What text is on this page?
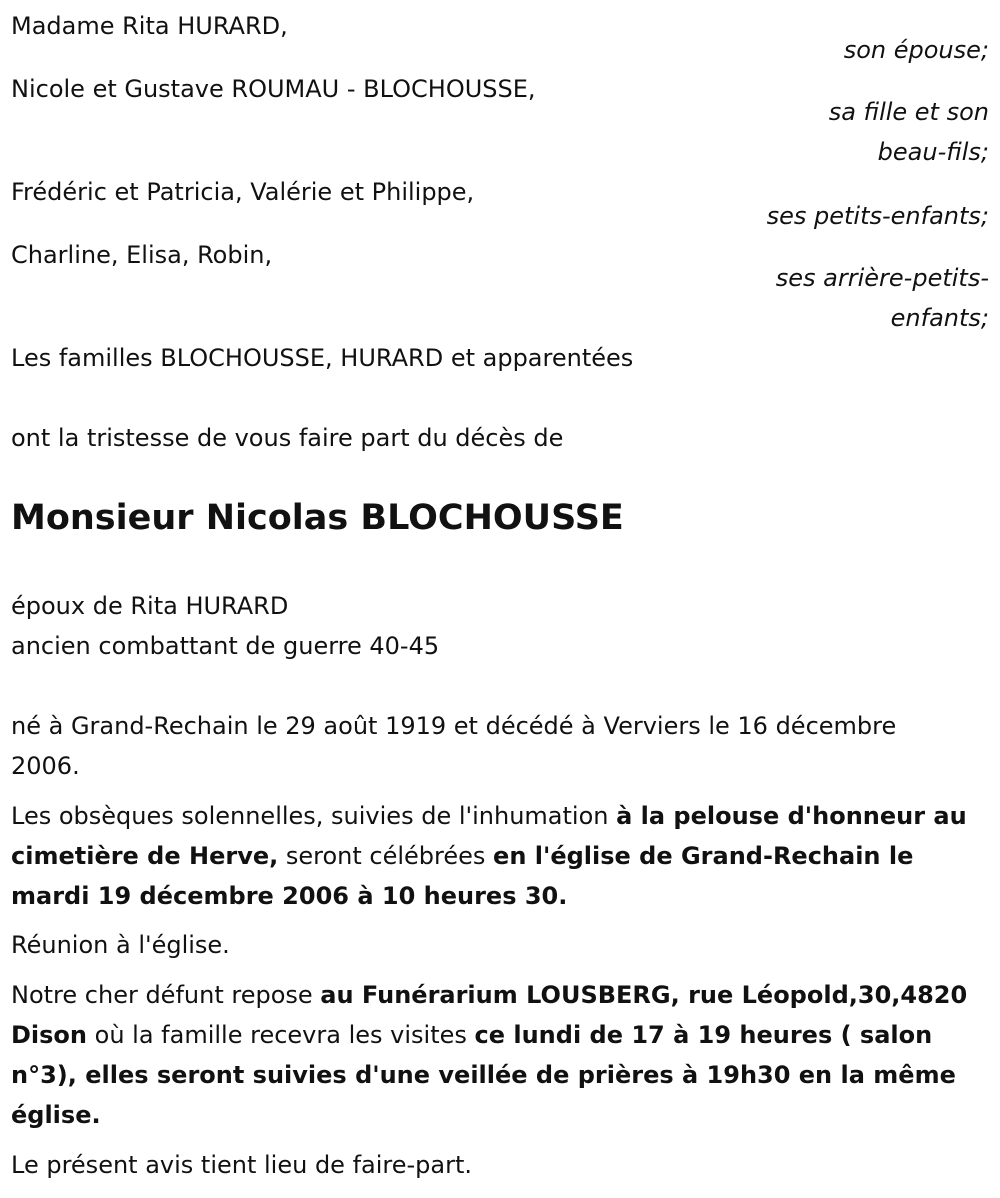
Madame Rita HURARD,
son épouse;
Nicole et Gustave ROUMAU - BLOCHOUSSE,
sa fille et son
beau-fils;
Frédéric et Patricia, Valérie et Philippe,
ses petits-enfants;
Charline, Elisa, Robin,
ses arrière-petits-
enfants;
Les familles BLOCHOUSSE, HURARD et apparentées
ont la tristesse de vous faire part du décès de
Monsieur Nicolas BLOCHOUSSE
époux de Rita HURARD
ancien combattant de guerre 40-45
né à Grand-Rechain le 29 août 1919 et décédé à Verviers le 16 décembre
2006.
Les obsèques solennelles, suivies de l'inhumation à la pelouse d'honneur au cimetière de Herve, seront célébrées en l'église de Grand-Rechain le mardi 19 décembre 2006 à 10 heures 30.
Réunion à l'église.
Notre cher défunt repose au Funérarium LOUSBERG, rue Léopold,30,4820 Dison où la famille recevra les visites ce lundi de 17 à 19 heures ( salon n°3), elles seront suivies d'une veillée de prières à 19h30 en la même église.
Le présent avis tient lieu de faire-part.
